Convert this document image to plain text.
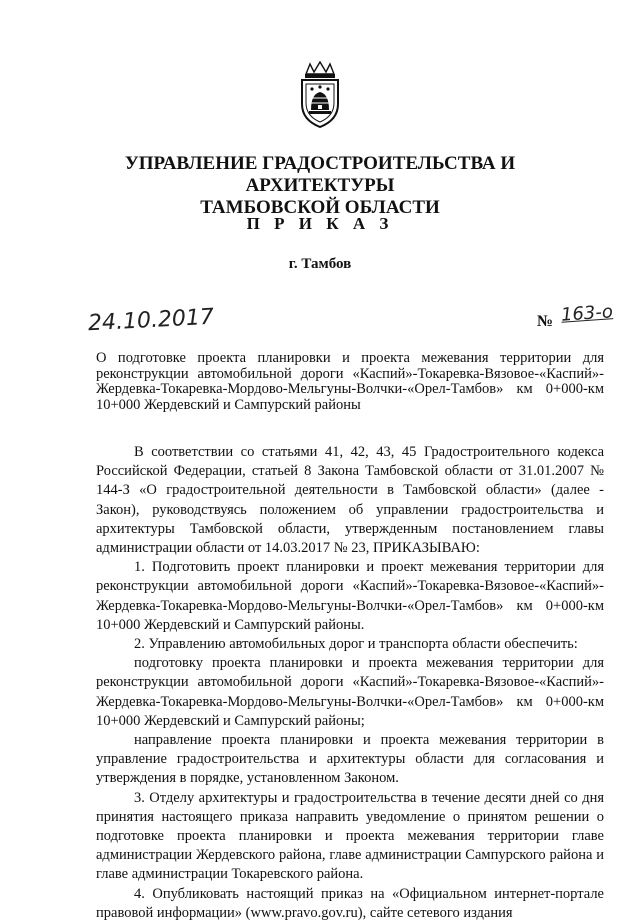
УПРАВЛЕНИЕ ГРАДОСТРОИТЕЛЬСТВА И АРХИТЕКТУРЫ
ТАМБОВСКОЙ ОБЛАСТИ
П Р И К А З
г. Тамбов
24.10.2017	№ 163-о
О подготовке проекта планировки и проекта межевания территории для реконструкции автомобильной дороги «Каспий»-Токаревка-Вязовое-«Каспий»-Жердевка-Токаревка-Мордово-Мельгуны-Волчки-«Орел-Тамбов» км 0+000-км 10+000 Жердевский и Сампурский районы

В соответствии со статьями 41, 42, 43, 45 Градостроительного кодекса Российской Федерации, статьей 8 Закона Тамбовской области от 31.01.2007 № 144-З «О градостроительной деятельности в Тамбовской области» (далее - Закон), руководствуясь положением об управлении градостроительства и архитектуры Тамбовской области, утвержденным постановлением главы администрации области от 14.03.2017 № 23, ПРИКАЗЫВАЮ:

1. Подготовить проект планировки и проект межевания территории для реконструкции автомобильной дороги «Каспий»-Токаревка-Вязовое-«Каспий»-Жердевка-Токаревка-Мордово-Мельгуны-Волчки-«Орел-Тамбов» км 0+000-км 10+000 Жердевский и Сампурский районы.

2. Управлению автомобильных дорог и транспорта области обеспечить:

подготовку проекта планировки и проекта межевания территории для реконструкции автомобильной дороги «Каспий»-Токаревка-Вязовое-«Каспий»-Жердевка-Токаревка-Мордово-Мельгуны-Волчки-«Орел-Тамбов» км 0+000-км 10+000 Жердевский и Сампурский районы;

направление проекта планировки и проекта межевания территории в управление градостроительства и архитектуры области для согласования и утверждения в порядке, установленном Законом.

3. Отделу архитектуры и градостроительства в течение десяти дней со дня принятия настоящего приказа направить уведомление о принятом решении о подготовке проекта планировки и проекта межевания территории главе администрации Жердевского района, главе администрации Сампурского района и главе администрации Токаревского района.

4. Опубликовать настоящий приказ на «Официальном интернет-портале правовой информации» (www.pravo.gov.ru), сайте сетевого издания
